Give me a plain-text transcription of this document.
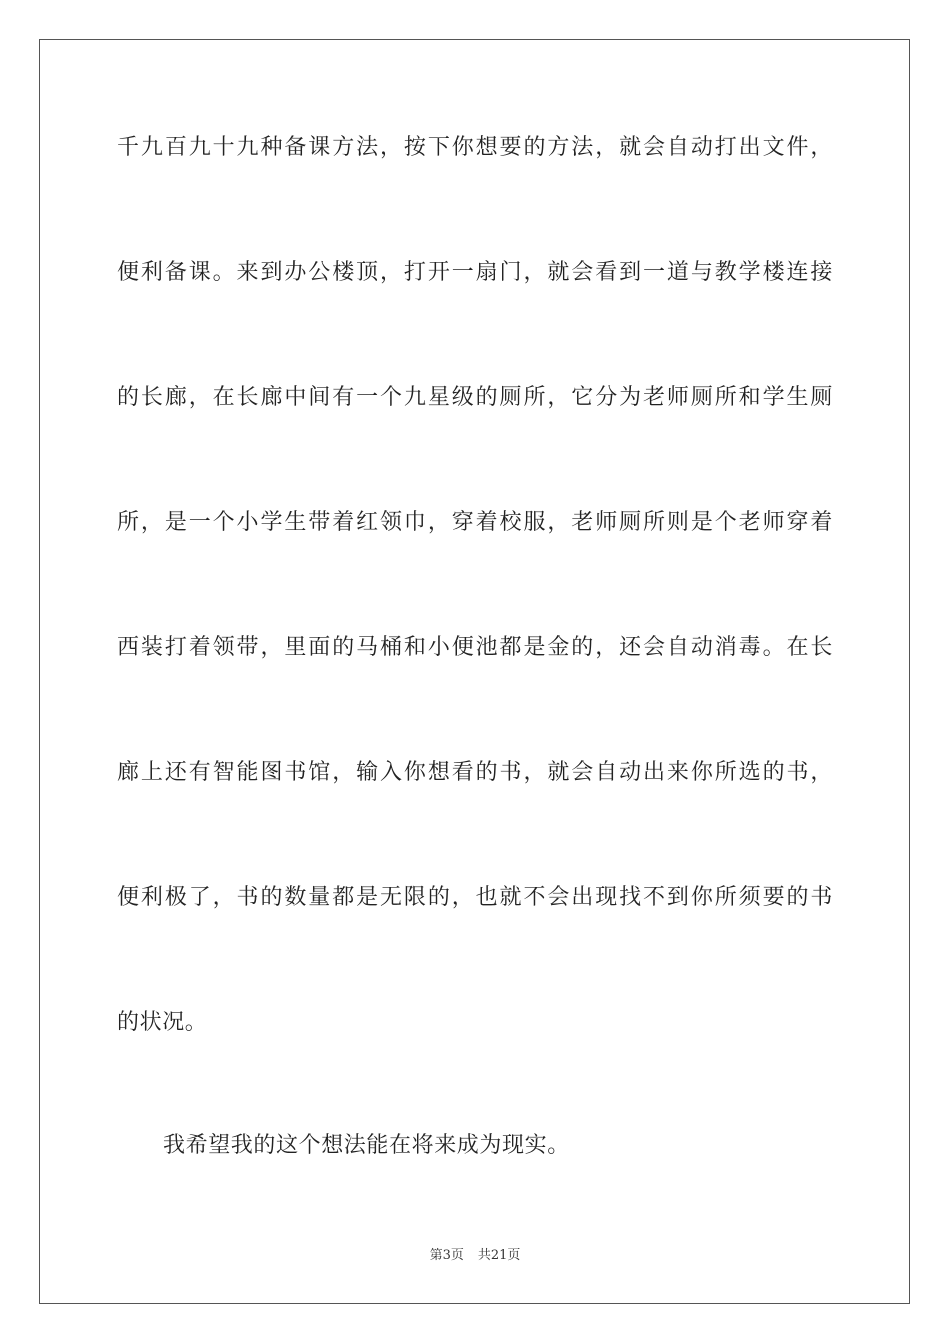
千九百九十九种备课方法，按下你想要的方法，就会自动打出文件，
便利备课。来到办公楼顶，打开一扇门，就会看到一道与教学楼连接
的长廊，在长廊中间有一个九星级的厕所，它分为老师厕所和学生厕
所，是一个小学生带着红领巾，穿着校服，老师厕所则是个老师穿着
西装打着领带，里面的马桶和小便池都是金的，还会自动消毒。在长
廊上还有智能图书馆，输入你想看的书，就会自动出来你所选的书，
便利极了，书的数量都是无限的，也就不会出现找不到你所须要的书
的状况。
我希望我的这个想法能在将来成为现实。
第3页 共21页
